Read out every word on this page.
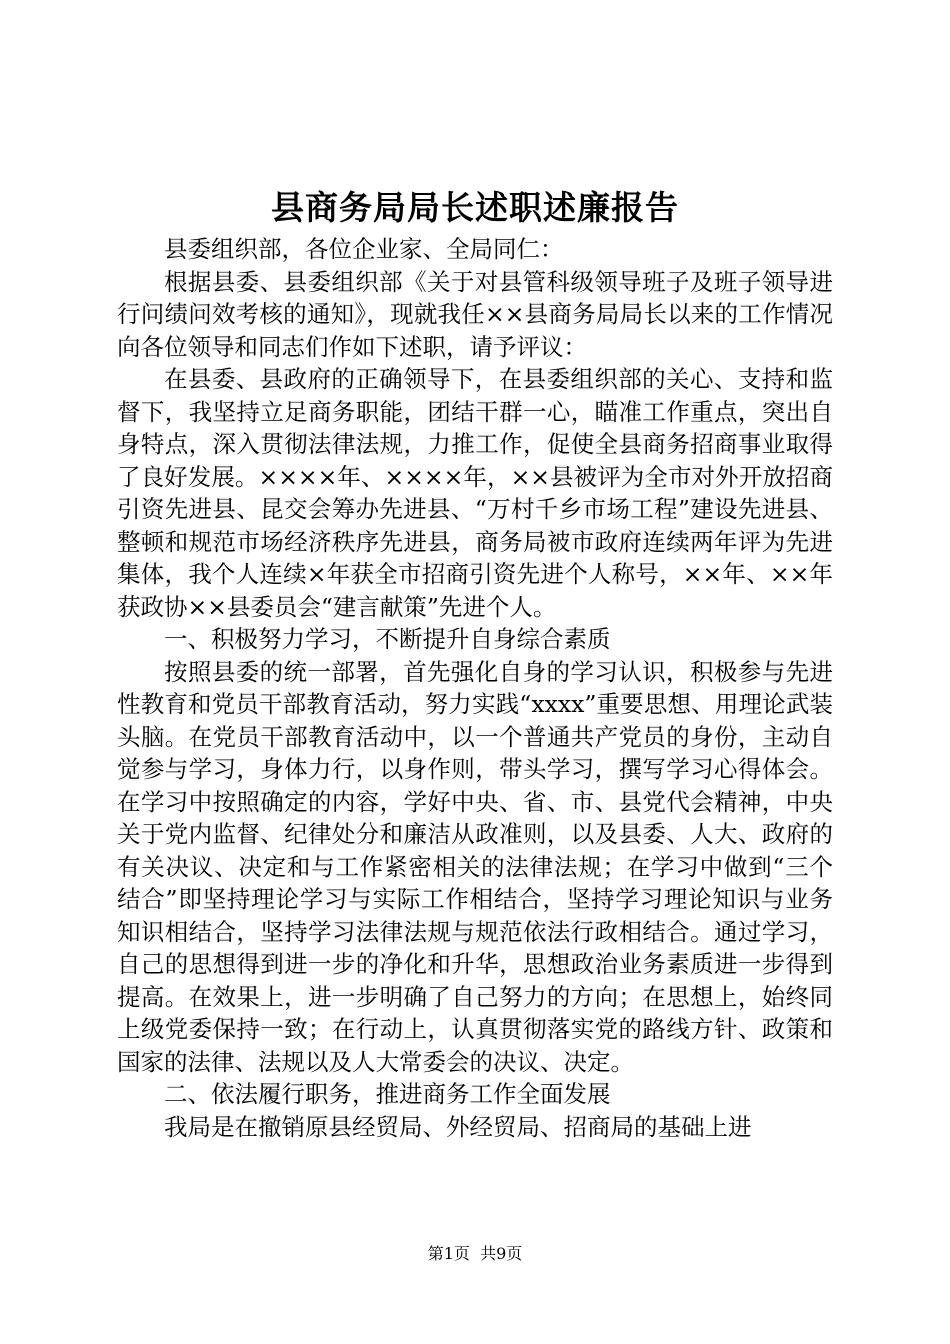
县商务局局长述职述廉报告

县委组织部，各位企业家、全局同仁：

根据县委、县委组织部《关于对县管科级领导班子及班子领导进行问绩问效考核的通知》，现就我任××县商务局局长以来的工作情况向各位领导和同志们作如下述职，请予评议：

在县委、县政府的正确领导下，在县委组织部的关心、支持和监督下，我坚持立足商务职能，团结干群一心，瞄准工作重点，突出自身特点，深入贯彻法律法规，力推工作，促使全县商务招商事业取得了良好发展。××××年、××××年，××县被评为全市对外开放招商引资先进县、昆交会筹办先进县、“万村千乡市场工程”建设先进县、整顿和规范市场经济秩序先进县，商务局被市政府连续两年评为先进集体，我个人连续×年获全市招商引资先进个人称号，××年、××年获政协××县委员会“建言献策”先进个人。

一、积极努力学习，不断提升自身综合素质

按照县委的统一部署，首先强化自身的学习认识，积极参与先进性教育和党员干部教育活动，努力实践“xxxx”重要思想、用理论武装头脑。在党员干部教育活动中，以一个普通共产党员的身份，主动自觉参与学习，身体力行，以身作则，带头学习，撰写学习心得体会。在学习中按照确定的内容，学好中央、省、市、县党代会精神，中央关于党内监督、纪律处分和廉洁从政准则，以及县委、人大、政府的有关决议、决定和与工作紧密相关的法律法规；在学习中做到“三个结合”即坚持理论学习与实际工作相结合，坚持学习理论知识与业务知识相结合，坚持学习法律法规与规范依法行政相结合。通过学习，自己的思想得到进一步的净化和升华，思想政治业务素质进一步得到提高。在效果上，进一步明确了自己努力的方向；在思想上，始终同上级党委保持一致；在行动上，认真贯彻落实党的路线方针、政策和国家的法律、法规以及人大常委会的决议、决定。

二、依法履行职务，推进商务工作全面发展

我局是在撤销原县经贸局、外经贸局、招商局的基础上进

第1页 共9页
